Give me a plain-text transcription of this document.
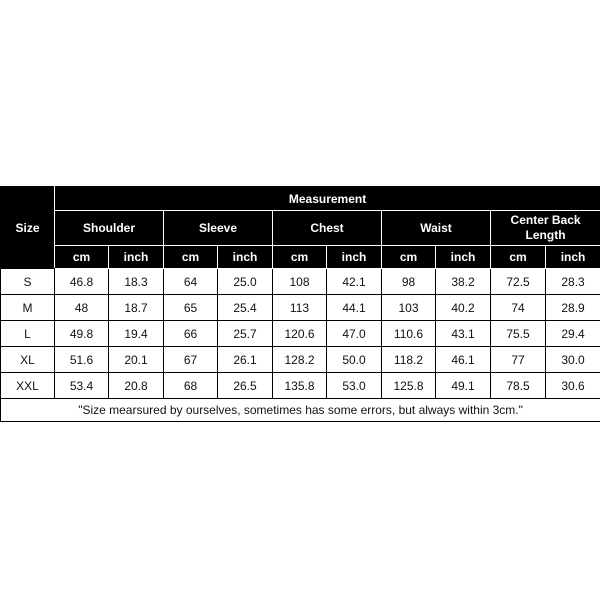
Size	Measurement									
	Shoulder		Sleeve		Chest		Waist		Center Back Length	
	cm	inch	cm	inch	cm	inch	cm	inch	cm	inch
S	46.8	18.3	64	25.0	108	42.1	98	38.2	72.5	28.3
M	48	18.7	65	25.4	113	44.1	103	40.2	74	28.9
L	49.8	19.4	66	25.7	120.6	47.0	110.6	43.1	75.5	29.4
XL	51.6	20.1	67	26.1	128.2	50.0	118.2	46.1	77	30.0
XXL	53.4	20.8	68	26.5	135.8	53.0	125.8	49.1	78.5	30.6
"Size mearsured by ourselves, sometimes has some errors, but always within 3cm."										
